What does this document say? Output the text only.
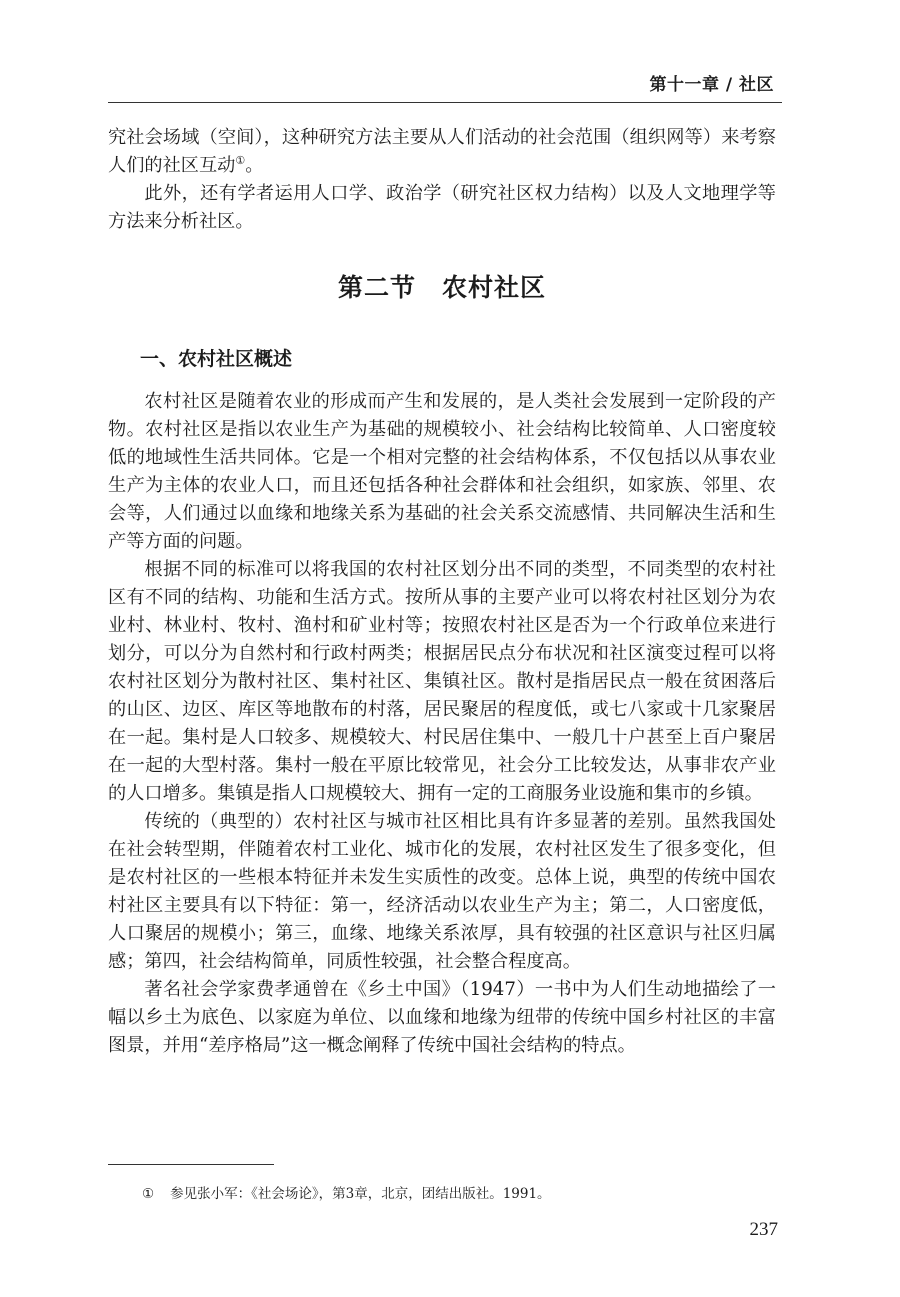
第十一章 / 社区

究社会场域（空间），这种研究方法主要从人们活动的社会范围（组织网等）来考察人们的社区互动①。

此外，还有学者运用人口学、政治学（研究社区权力结构）以及人文地理学等方法来分析社区。

第二节　农村社区
一、农村社区概述

农村社区是随着农业的形成而产生和发展的，是人类社会发展到一定阶段的产物。农村社区是指以农业生产为基础的规模较小、社会结构比较简单、人口密度较低的地域性生活共同体。它是一个相对完整的社会结构体系，不仅包括以从事农业生产为主体的农业人口，而且还包括各种社会群体和社会组织，如家族、邻里、农会等，人们通过以血缘和地缘关系为基础的社会关系交流感情、共同解决生活和生产等方面的问题。

根据不同的标准可以将我国的农村社区划分出不同的类型，不同类型的农村社区有不同的结构、功能和生活方式。按所从事的主要产业可以将农村社区划分为农业村、林业村、牧村、渔村和矿业村等；按照农村社区是否为一个行政单位来进行划分，可以分为自然村和行政村两类；根据居民点分布状况和社区演变过程可以将农村社区划分为散村社区、集村社区、集镇社区。散村是指居民点一般在贫困落后的山区、边区、库区等地散布的村落，居民聚居的程度低，或七八家或十几家聚居在一起。集村是人口较多、规模较大、村民居住集中、一般几十户甚至上百户聚居在一起的大型村落。集村一般在平原比较常见，社会分工比较发达，从事非农产业的人口增多。集镇是指人口规模较大、拥有一定的工商服务业设施和集市的乡镇。

传统的（典型的）农村社区与城市社区相比具有许多显著的差别。虽然我国处在社会转型期，伴随着农村工业化、城市化的发展，农村社区发生了很多变化，但是农村社区的一些根本特征并未发生实质性的改变。总体上说，典型的传统中国农村社区主要具有以下特征：第一，经济活动以农业生产为主；第二，人口密度低，人口聚居的规模小；第三，血缘、地缘关系浓厚，具有较强的社区意识与社区归属感；第四，社会结构简单，同质性较强，社会整合程度高。

著名社会学家费孝通曾在《乡土中国》（1947）一书中为人们生动地描绘了一幅以乡土为底色、以家庭为单位、以血缘和地缘为纽带的传统中国乡村社区的丰富图景，并用“差序格局”这一概念阐释了传统中国社会结构的特点。

① 参见张小军：《社会场论》，第3章，北京，团结出版社。1991。
237
